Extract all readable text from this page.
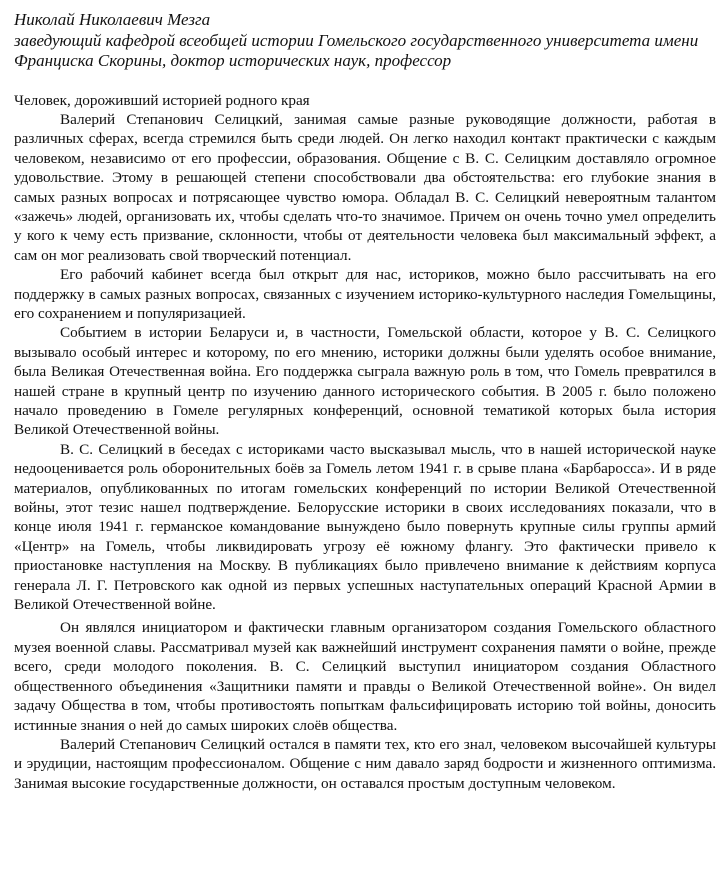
Николай Николаевич Мезга

заведующий кафедрой всеобщей истории Гомельского государственного университета имени Франциска Скорины, доктор исторических наук, профессор

Человек, дороживший историей родного края

Валерий Степанович Селицкий, занимая самые разные руководящие должности, работая в различных сферах, всегда стремился быть среди людей. Он легко находил контакт практически с каждым человеком, независимо от его профессии, образования. Общение с В. С. Селицким доставляло огромное удовольствие. Этому в решающей степени способствовали два обстоятельства: его глубокие знания в самых разных вопросах и потрясающее чувство юмора. Обладал В. С. Селицкий невероятным талантом «зажечь» людей, организовать их, чтобы сделать что-то значимое. Причем он очень точно умел определить у кого к чему есть призвание, склонности, чтобы от деятельности человека был максимальный эффект, а сам он мог реализовать свой творческий потенциал.

Его рабочий кабинет всегда был открыт для нас, историков, можно было рассчитывать на его поддержку в самых разных вопросах, связанных с изучением историко-культурного наследия Гомельщины, его сохранением и популяризацией.

Событием в истории Беларуси и, в частности, Гомельской области, которое у В. С. Селицкого вызывало особый интерес и которому, по его мнению, историки должны были уделять особое внимание, была Великая Отечественная война. Его поддержка сыграла важную роль в том, что Гомель превратился в нашей стране в крупный центр по изучению данного исторического события. В 2005 г. было положено начало проведению в Гомеле регулярных конференций, основной тематикой которых была история Великой Отечественной войны.

В. С. Селицкий в беседах с историками часто высказывал мысль, что в нашей исторической науке недооценивается роль оборонительных боёв за Гомель летом 1941 г. в срыве плана «Барбаросса». И в ряде материалов, опубликованных по итогам гомельских конференций по истории Великой Отечественной войны, этот тезис нашел подтверждение. Белорусские историки в своих исследованиях показали, что в конце июля 1941 г. германское командование вынуждено было повернуть крупные силы группы армий «Центр» на Гомель, чтобы ликвидировать угрозу её южному флангу. Это фактически привело к приостановке наступления на Москву. В публикациях было привлечено внимание к действиям корпуса генерала Л. Г. Петровского как одной из первых успешных наступательных операций Красной Армии в Великой Отечественной войне.

Он являлся инициатором и фактически главным организатором создания Гомельского областного музея военной славы. Рассматривал музей как важнейший инструмент сохранения памяти о войне, прежде всего, среди молодого поколения. В. С. Селицкий выступил инициатором создания Областного общественного объединения «Защитники памяти и правды о Великой Отечественной войне». Он видел задачу Общества в том, чтобы противостоять попыткам фальсифицировать историю той войны, доносить истинные знания о ней до самых широких слоёв общества.

Валерий Степанович Селицкий остался в памяти тех, кто его знал, человеком высочайшей культуры и эрудиции, настоящим профессионалом. Общение с ним давало заряд бодрости и жизненного оптимизма. Занимая высокие государственные должности, он оставался простым доступным человеком.
